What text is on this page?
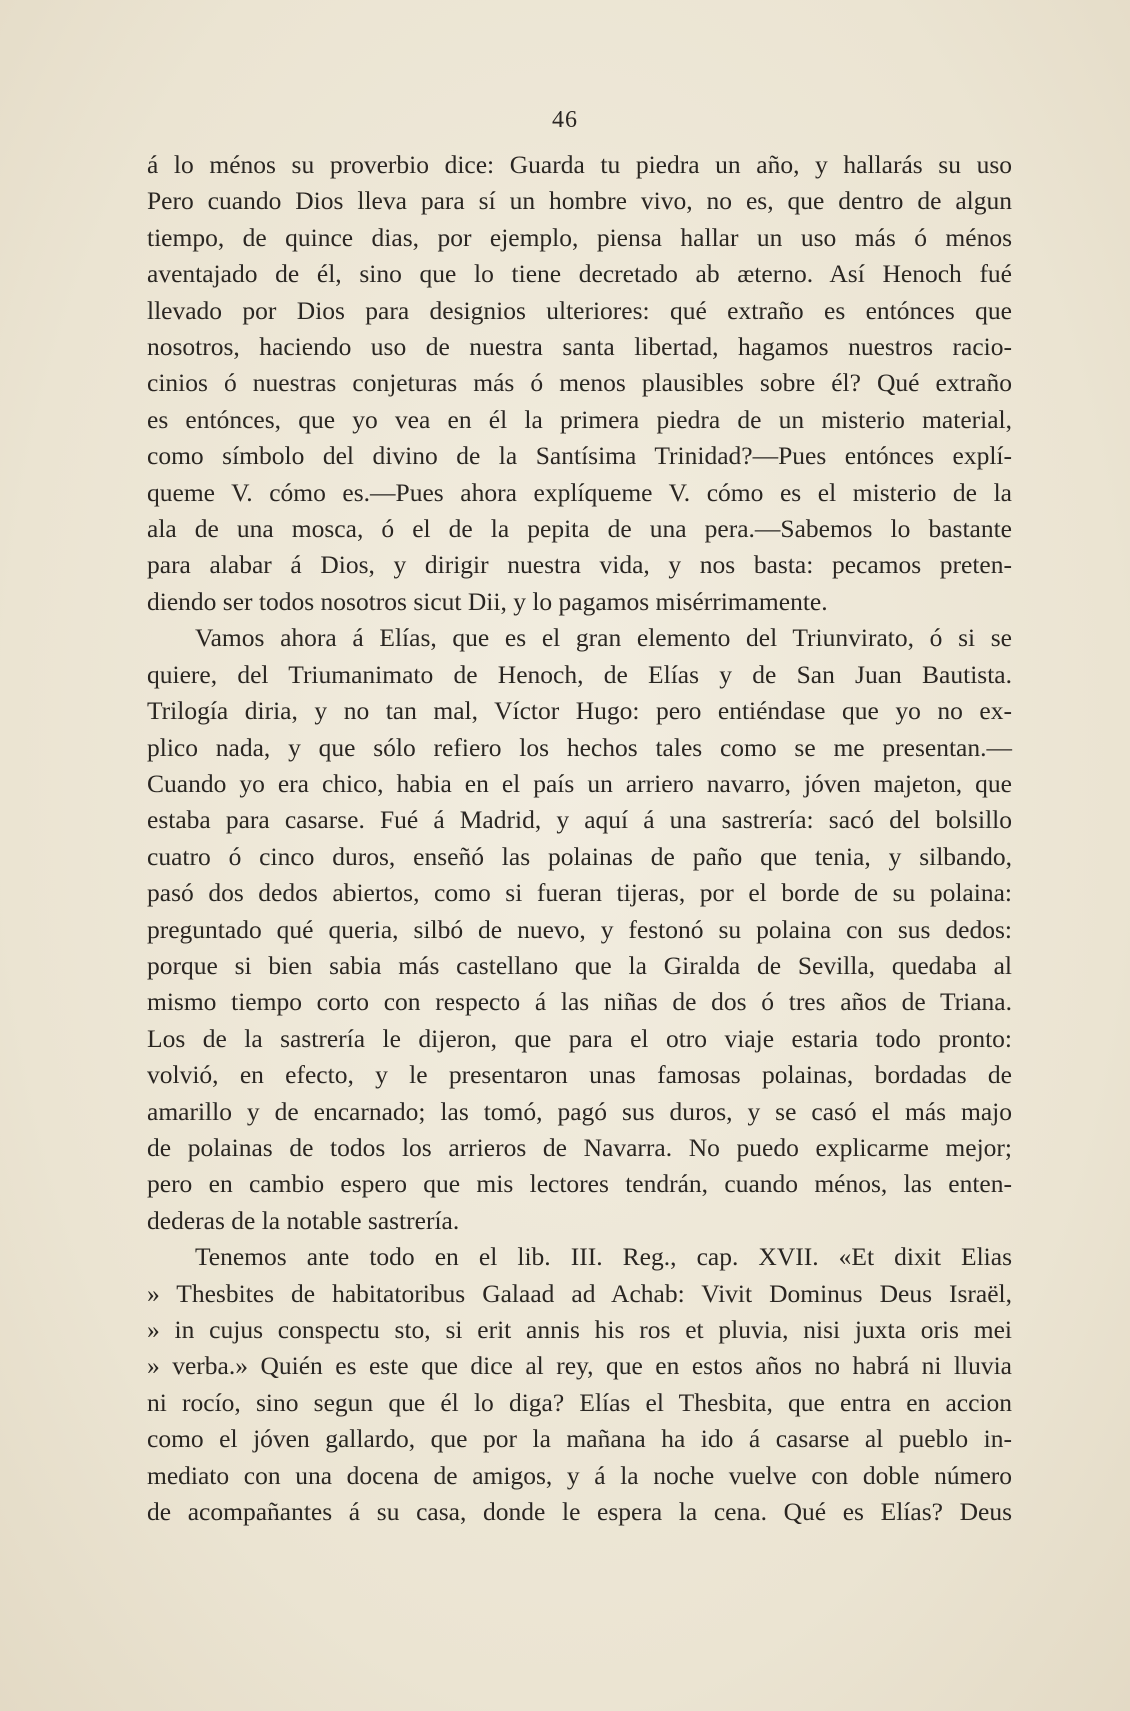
46
á lo ménos su proverbio dice: Guarda tu piedra un año, y hallarás su uso
Pero cuando Dios lleva para sí un hombre vivo, no es, que dentro de algun
tiempo, de quince dias, por ejemplo, piensa hallar un uso más ó ménos
aventajado de él, sino que lo tiene decretado ab æterno. Así Henoch fué
llevado por Dios para designios ulteriores: qué extraño es entónces que
nosotros, haciendo uso de nuestra santa libertad, hagamos nuestros racio-
cinios ó nuestras conjeturas más ó menos plausibles sobre él? Qué extraño
es entónces, que yo vea en él la primera piedra de un misterio material,
como símbolo del divino de la Santísima Trinidad?—Pues entónces explí-
queme V. cómo es.—Pues ahora explíqueme V. cómo es el misterio de la
ala de una mosca, ó el de la pepita de una pera.—Sabemos lo bastante
para alabar á Dios, y dirigir nuestra vida, y nos basta: pecamos preten-
diendo ser todos nosotros sicut Dii, y lo pagamos misérrimamente.
Vamos ahora á Elías, que es el gran elemento del Triunvirato, ó si se
quiere, del Triumanimato de Henoch, de Elías y de San Juan Bautista.
Trilogía diria, y no tan mal, Víctor Hugo: pero entiéndase que yo no ex-
plico nada, y que sólo refiero los hechos tales como se me presentan.—
Cuando yo era chico, habia en el país un arriero navarro, jóven majeton, que
estaba para casarse. Fué á Madrid, y aquí á una sastrería: sacó del bolsillo
cuatro ó cinco duros, enseñó las polainas de paño que tenia, y silbando,
pasó dos dedos abiertos, como si fueran tijeras, por el borde de su polaina:
preguntado qué queria, silbó de nuevo, y festonó su polaina con sus dedos:
porque si bien sabia más castellano que la Giralda de Sevilla, quedaba al
mismo tiempo corto con respecto á las niñas de dos ó tres años de Triana.
Los de la sastrería le dijeron, que para el otro viaje estaria todo pronto:
volvió, en efecto, y le presentaron unas famosas polainas, bordadas de
amarillo y de encarnado; las tomó, pagó sus duros, y se casó el más majo
de polainas de todos los arrieros de Navarra. No puedo explicarme mejor;
pero en cambio espero que mis lectores tendrán, cuando ménos, las enten-
dederas de la notable sastrería.
Tenemos ante todo en el lib. III. Reg., cap. XVII. «Et dixit Elias
» Thesbites de habitatoribus Galaad ad Achab: Vivit Dominus Deus Israël,
» in cujus conspectu sto, si erit annis his ros et pluvia, nisi juxta oris mei
» verba.» Quién es este que dice al rey, que en estos años no habrá ni lluvia
ni rocío, sino segun que él lo diga? Elías el Thesbita, que entra en accion
como el jóven gallardo, que por la mañana ha ido á casarse al pueblo in-
mediato con una docena de amigos, y á la noche vuelve con doble número
de acompañantes á su casa, donde le espera la cena. Qué es Elías? Deus
